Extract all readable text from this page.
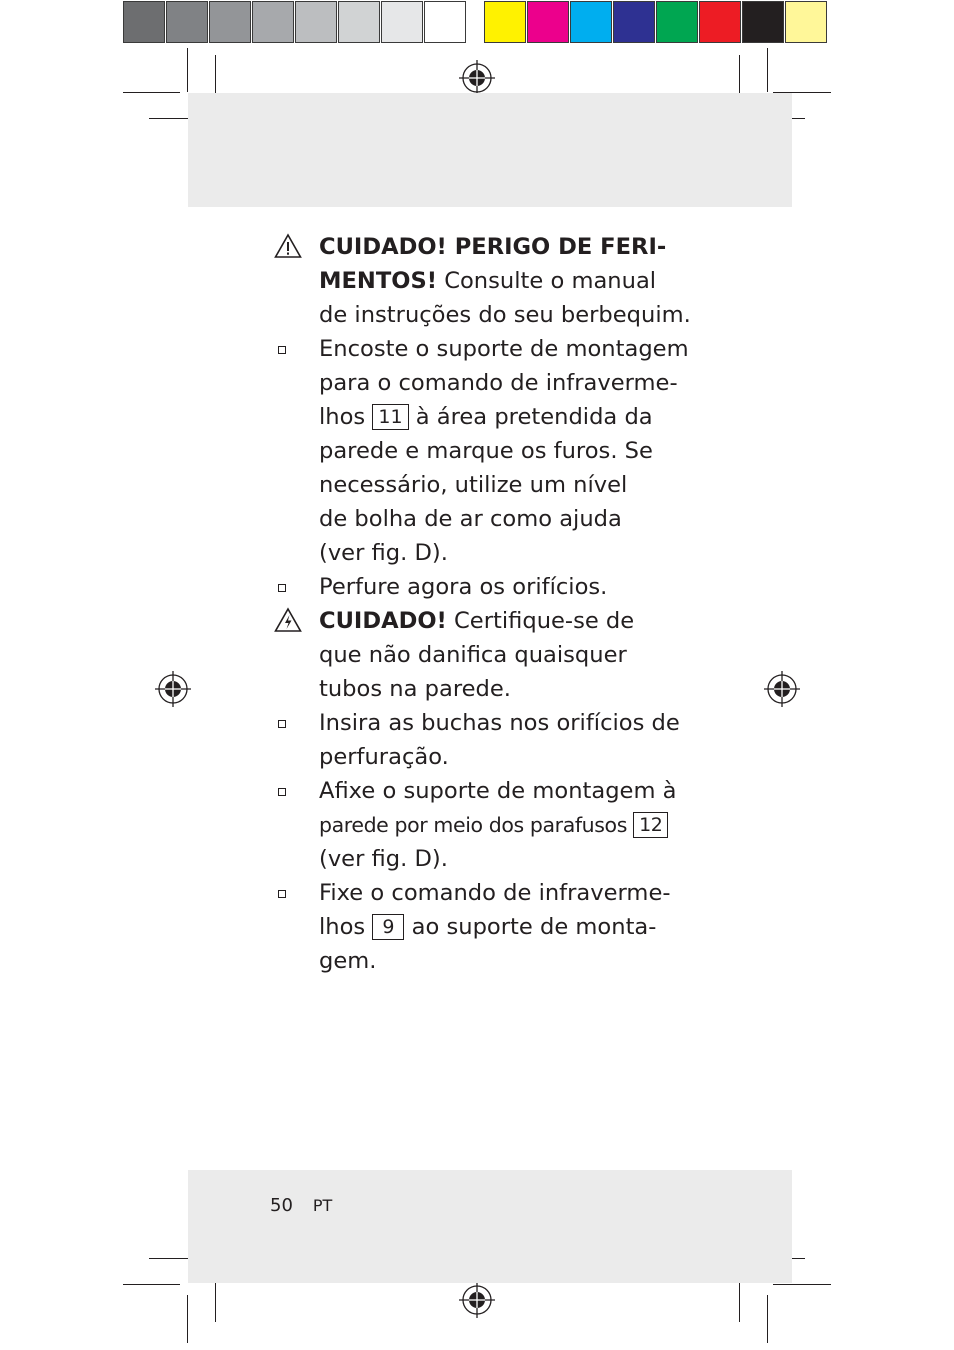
CUIDADO! PERIGO DE FERI-
MENTOS! Consulte o manual
de instruções do seu berbequim.
Encoste o suporte de montagem
para o comando de infraverme-
lhos 11 à área pretendida da
parede e marque os furos. Se
necessário, utilize um nível
de bolha de ar como ajuda
(ver fig. D).
Perfure agora os orifícios.
CUIDADO! Certifique-se de
que não danifica quaisquer
tubos na parede.
Insira as buchas nos orifícios de
perfuração.
Afixe o suporte de montagem à
parede por meio dos parafusos 12
(ver fig. D).
Fixe o comando de infraverme-
lhos 9 ao suporte de monta-
gem.
50 PT
